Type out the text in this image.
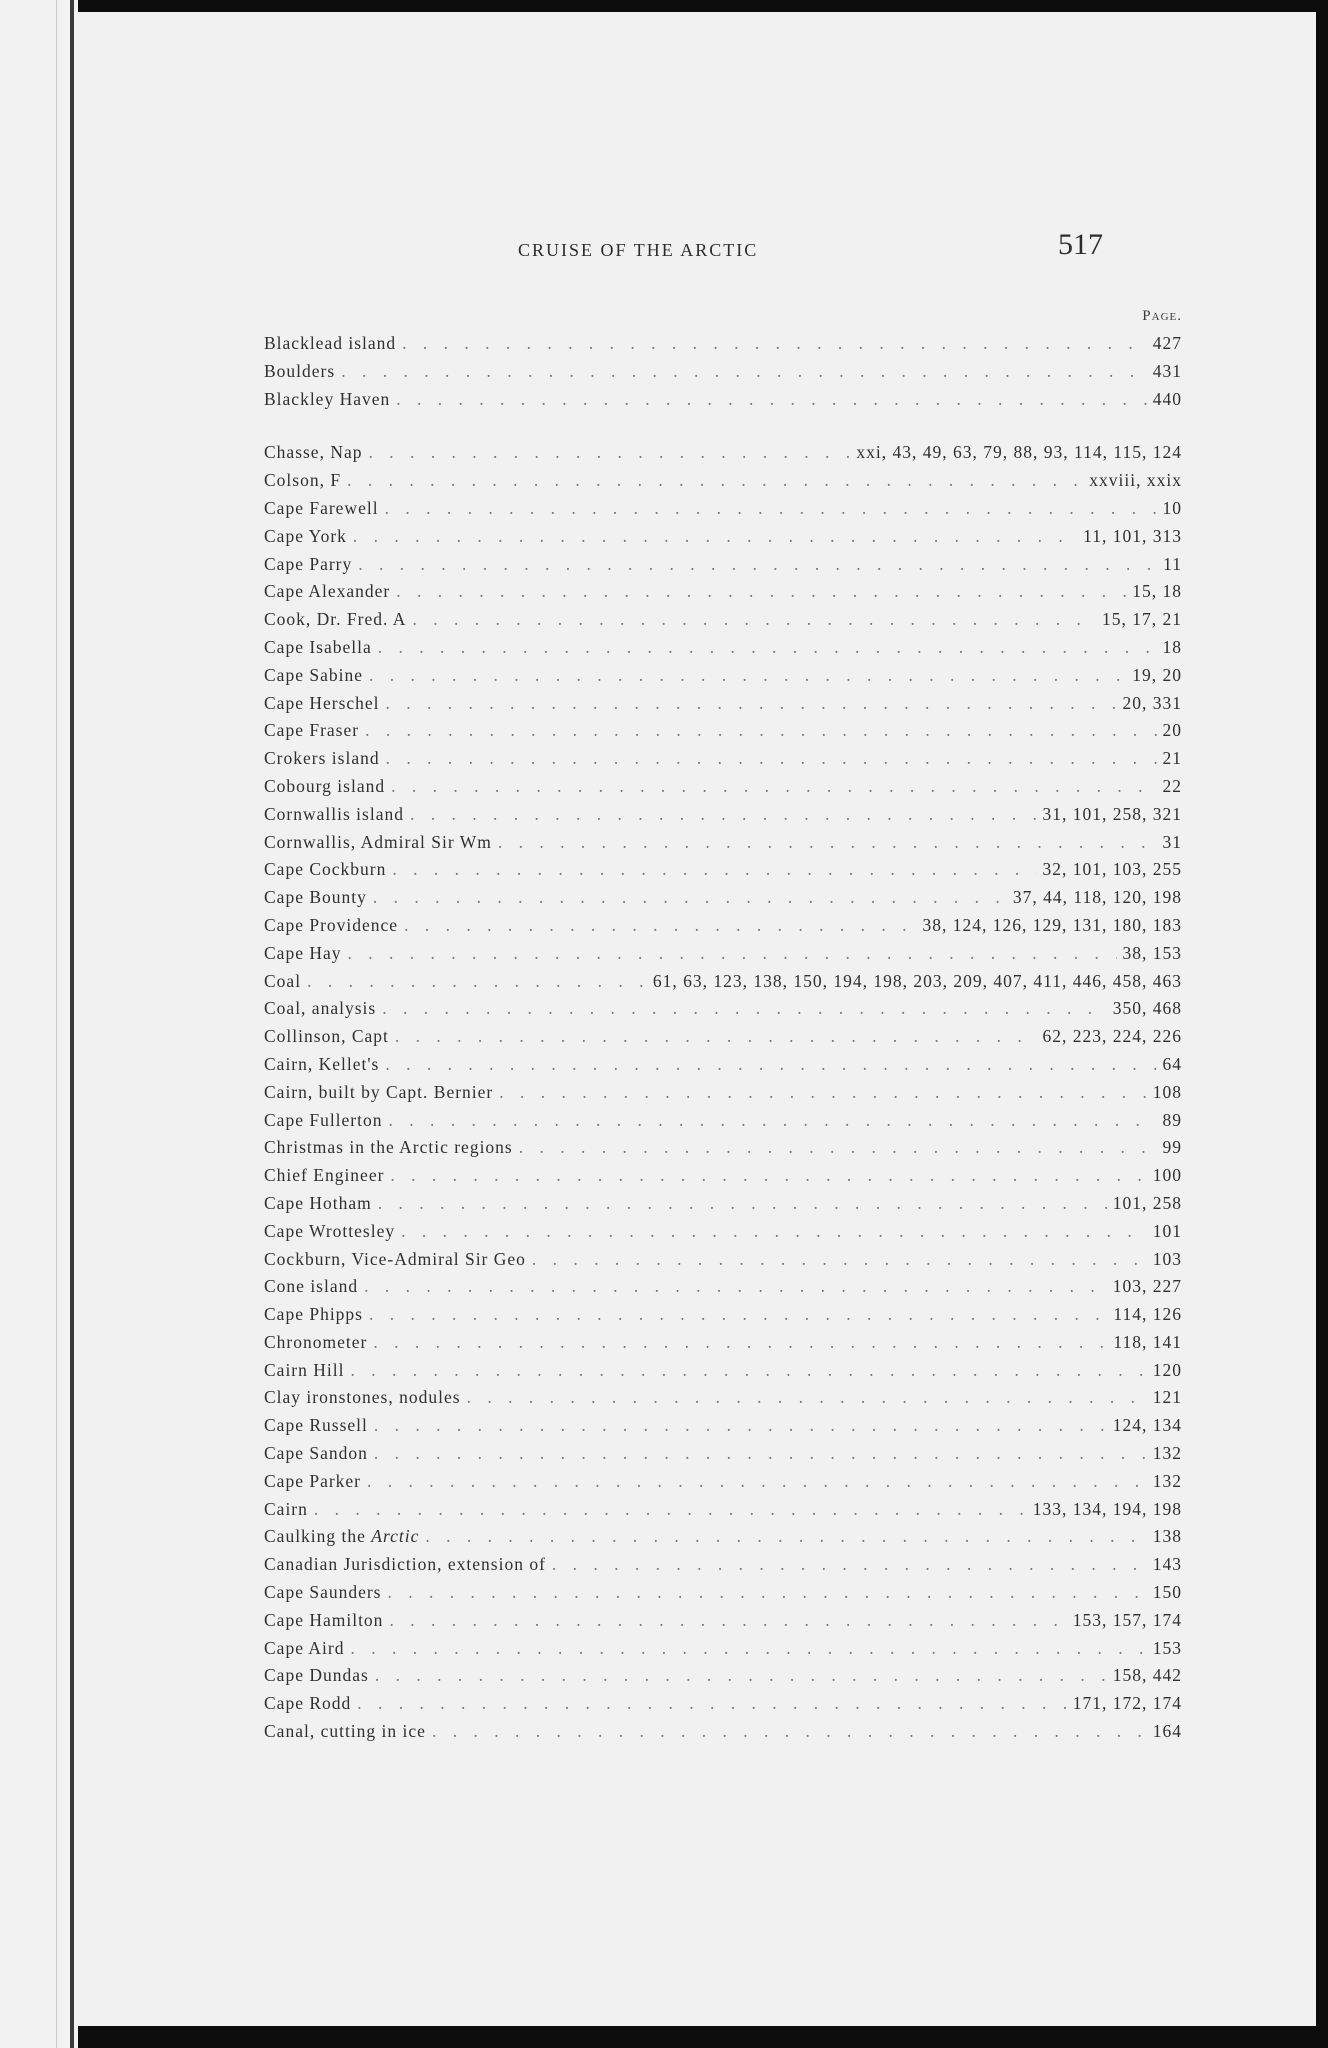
CRUISE OF THE ARCTIC	517
Page.
Blacklead island . . .	427
Boulders . . .	431
Blackley Haven . . .	440
Chasse, Nap . . .	xxi, 43, 49, 63, 79, 88, 93, 114, 115, 124
Colson, F . . .	xxviii, xxix
Cape Farewell . . .	10
Cape York . . .	11, 101, 313
Cape Parry . . .	11
Cape Alexander . . .	15, 18
Cook, Dr. Fred. A . . .	15, 17, 21
Cape Isabella . . .	18
Cape Sabine . . .	19, 20
Cape Herschel . . .	20, 331
Cape Fraser . . .	20
Crokers island . . .	21
Cobourg island . . .	22
Cornwallis island . . .	31, 101, 258, 321
Cornwallis, Admiral Sir Wm . . .	31
Cape Cockburn . . .	32, 101, 103, 255
Cape Bounty . . .	37, 44, 118, 120, 198
Cape Providence . . .	38, 124, 126, 129, 131, 180, 183
Cape Hay . . .	38, 153
Coal . . .	61, 63, 123, 138, 150, 194, 198, 203, 209, 407, 411, 446, 458, 463
Coal, analysis . . .	350, 468
Collinson, Capt . . .	62, 223, 224, 226
Cairn, Kellet's . . .	64
Cairn, built by Capt. Bernier . . .	108
Cape Fullerton . . .	89
Christmas in the Arctic regions . . .	99
Chief Engineer . . .	100
Cape Hotham . . .	101, 258
Cape Wrottesley . . .	101
Cockburn, Vice-Admiral Sir Geo . . .	103
Cone island . . .	103, 227
Cape Phipps . . .	114, 126
Chronometer . . .	118, 141
Cairn Hill . . .	120
Clay ironstones, nodules . . .	121
Cape Russell . . .	124, 134
Cape Sandon . . .	132
Cape Parker . . .	132
Cairn . . .	133, 134, 194, 198
Caulking the Arctic . . .	138
Canadian Jurisdiction, extension of . . .	143
Cape Saunders . . .	150
Cape Hamilton . . .	153, 157, 174
Cape Aird . . .	153
Cape Dundas . . .	158, 442
Cape Rodd . . .	171, 172, 174
Canal, cutting in ice . . .	164
